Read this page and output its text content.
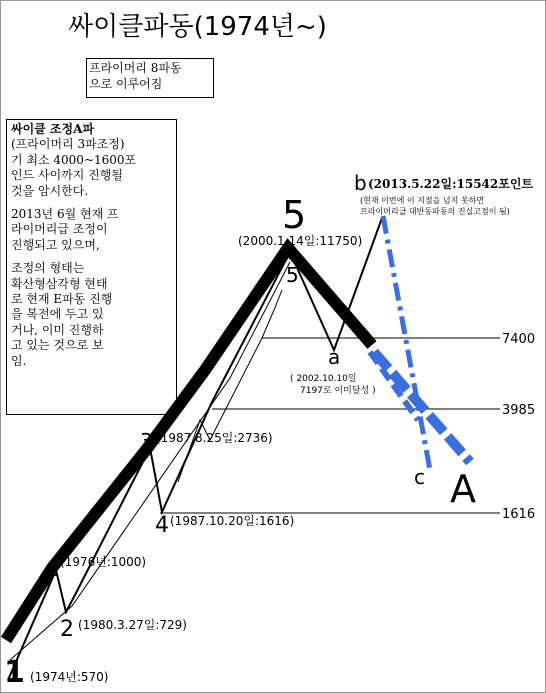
싸이클파동(1974년~)
프라이머리 8파동
으로 이루어짐
싸이클 조정A파
(프라이머리 3파조정)
기 최소 4000~1600포
인드 사이까지 진행될
것을 암시한다.
2013년 6월 현재 프
라이머리급 조정이
진행되고 있으며,
조정의 형태는
확산형삼각형 현태
로 현재 E파동 진행
을 복전에 두고 있
거나, 이미 진행하
고 있는 것으로 보
임.
7400
3985
1616
1 (1974년:570)
1 (1976년:1000)
2 (1980.3.27일:729)
3 (1987.8.25일:2736)
4 (1987.10.20일:1616)
5
(2000.1.14일:11750)
5
a
( 2002.10.10일
7197로 이미달성 )
b (2013.5.22일:15542포인트
(현재 이번에 이 지점을 넘지 못하면
프라이머리급 대반동파동의 진실고점이 됨)
c A
